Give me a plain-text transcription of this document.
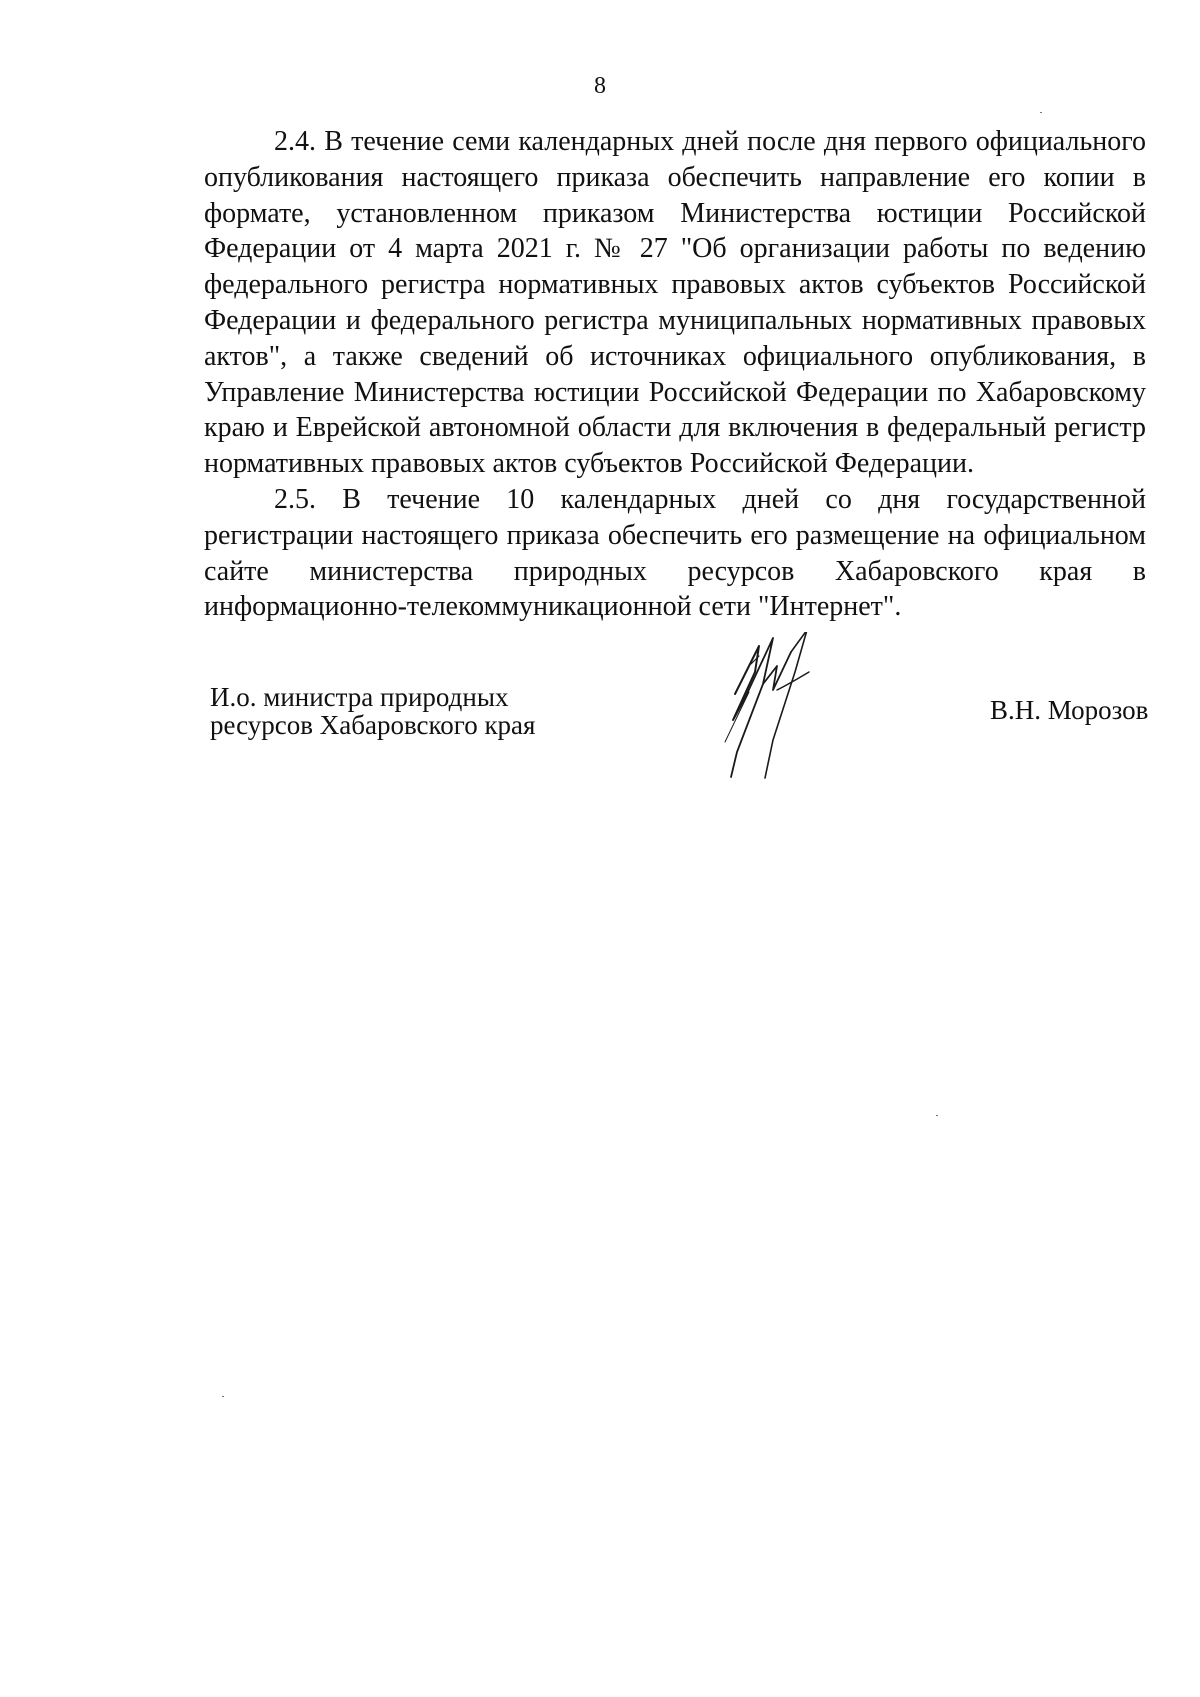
8

2.4. В течение семи календарных дней после дня первого официального опубликования настоящего приказа обеспечить направление его копии в формате, установленном приказом Министерства юстиции Российской Федерации от 4 марта 2021 г. № 27 "Об организации работы по ведению федерального регистра нормативных правовых актов субъектов Российской Федерации и федерального регистра муниципальных нормативных правовых актов", а также сведений об источниках официального опубликования, в Управление Министерства юстиции Российской Федерации по Хабаровскому краю и Еврейской автономной области для включения в федеральный регистр нормативных правовых актов субъектов Российской Федерации.

2.5. В течение 10 календарных дней со дня государственной регистрации настоящего приказа обеспечить его размещение на официальном сайте министерства природных ресурсов Хабаровского края в информационно-телекоммуникационной сети "Интернет".

И.о. министра природных
ресурсов Хабаровского края	В.Н. Морозов
